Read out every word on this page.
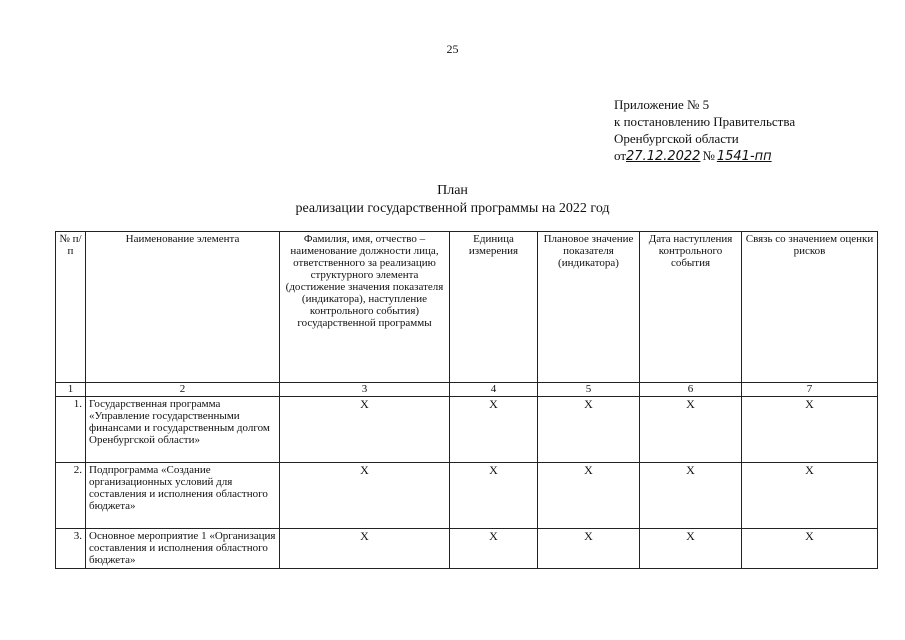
25
Приложение № 5
к постановлению Правительства
Оренбургской области
от27.12.2022 № 1541-пп
План
реализации государственной программы на 2022 год
№ п/п	Наименование элемента	Фамилия, имя, отчество – наименование должности лица, ответственного за реализацию структурного элемента (достижение значения показателя (индикатора), наступление контрольного события) государственной программы	Единица измерения	Плановое значение показателя (индикатора)	Дата наступления контрольного события	Связь со значением оценки рисков
1	2	3	4	5	6	7
1.	Государственная программа «Управление государственными финансами и государственным долгом Оренбургской области»	Х	Х	Х	Х	Х
2.	Подпрограмма «Создание организационных условий для составления и исполнения областного бюджета»	Х	Х	Х	Х	Х
3.	Основное мероприятие 1 «Организация составления и исполнения областного бюджета»	Х	Х	Х	Х	Х
